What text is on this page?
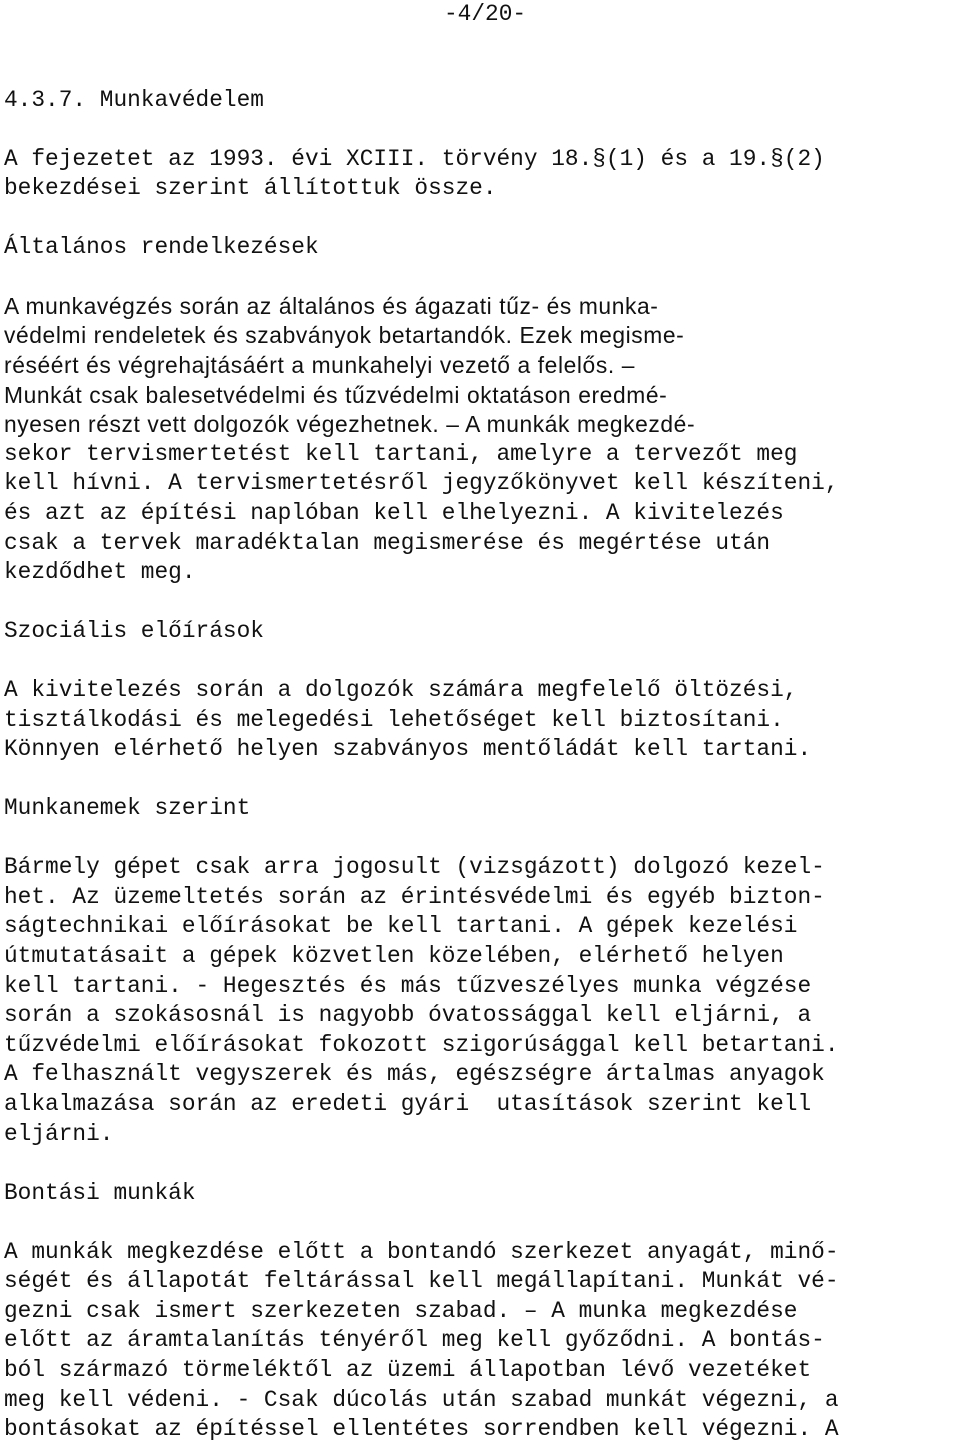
-4/20-
4.3.7. Munkavédelem
A fejezetet az 1993. évi XCIII. törvény 18.§(1) és a 19.§(2)
bekezdései szerint állítottuk össze.
Általános rendelkezések
A munkavégzés során az általános és ágazati tűz- és munka-
védelmi rendeletek és szabványok betartandók. Ezek megisme-
réséért és végrehajtásáért a munkahelyi vezető a felelős. –
Munkát csak balesetvédelmi és tűzvédelmi oktatáson eredmé-
nyesen részt vett dolgozók végezhetnek. – A munkák megkezdé-
sekor tervismertetést kell tartani, amelyre a tervezőt meg
kell hívni. A tervismertetésről jegyzőkönyvet kell készíteni,
és azt az építési naplóban kell elhelyezni. A kivitelezés
csak a tervek maradéktalan megismerése és megértése után
kezdődhet meg.
Szociális előírások
A kivitelezés során a dolgozók számára megfelelő öltözési,
tisztálkodási és melegedési lehetőséget kell biztosítani.
Könnyen elérhető helyen szabványos mentőládát kell tartani.
Munkanemek szerint
Bármely gépet csak arra jogosult (vizsgázott) dolgozó kezel-
het. Az üzemeltetés során az érintésvédelmi és egyéb bizton-
ságtechnikai előírásokat be kell tartani. A gépek kezelési
útmutatásait a gépek közvetlen közelében, elérhető helyen
kell tartani. - Hegesztés és más tűzveszélyes munka végzése
során a szokásosnál is nagyobb óvatossággal kell eljárni, a
tűzvédelmi előírásokat fokozott szigorúsággal kell betartani.
A felhasznált vegyszerek és más, egészségre ártalmas anyagok
alkalmazása során az eredeti gyári  utasítások szerint kell
eljárni.
Bontási munkák
A munkák megkezdése előtt a bontandó szerkezet anyagát, minő-
ségét és állapotát feltárással kell megállapítani. Munkát vé-
gezni csak ismert szerkezeten szabad. – A munka megkezdése
előtt az áramtalanítás tényéről meg kell győződni. A bontás-
ból származó törmeléktől az üzemi állapotban lévő vezetéket
meg kell védeni. - Csak dúcolás után szabad munkát végezni, a
bontásokat az építéssel ellentétes sorrendben kell végezni. A
